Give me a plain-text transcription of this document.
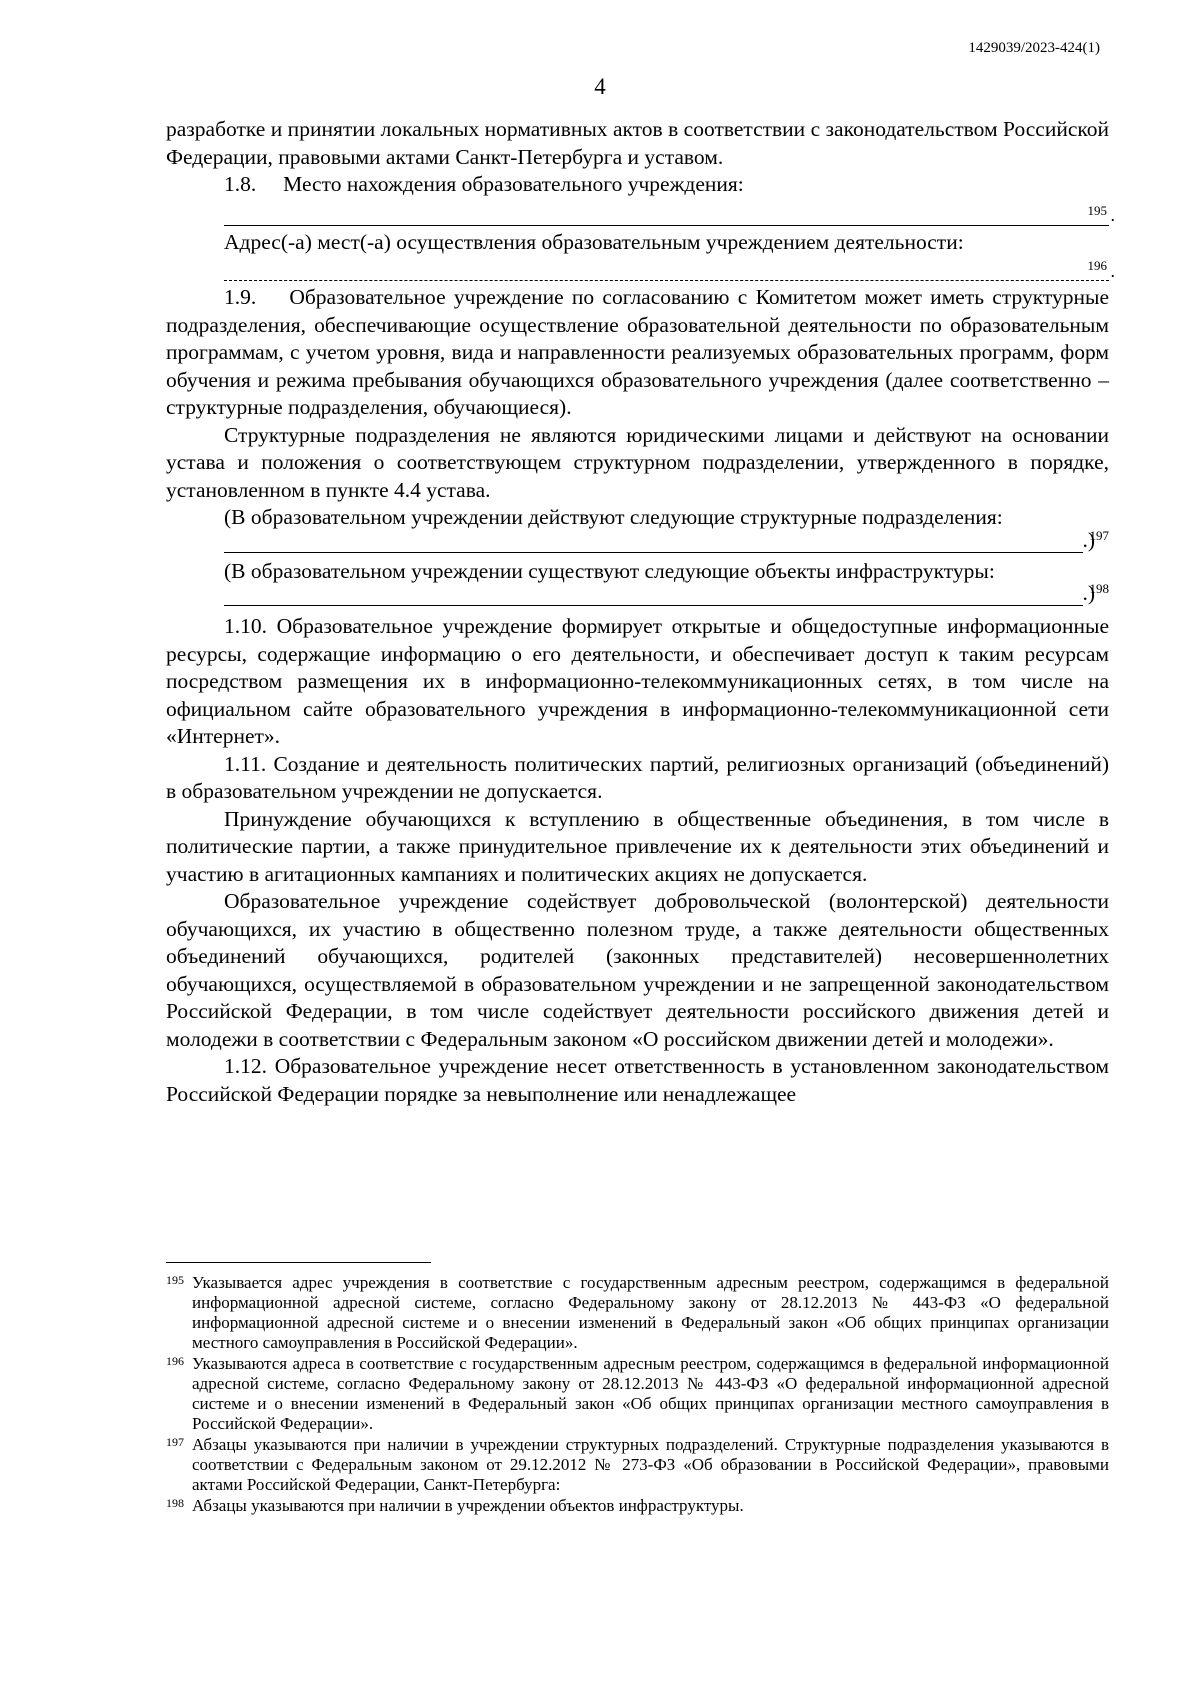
1429039/2023-424(1)
4

разработке и принятии локальных нормативных актов в соответствии с законодательством Российской Федерации, правовыми актами Санкт-Петербурга и уставом.

1.8.     Место нахождения образовательного учреждения:

195 .

Адрес(-а) мест(-а) осуществления образовательным учреждением деятельности:

196 .

1.9.    Образовательное учреждение по согласованию с Комитетом может иметь структурные подразделения, обеспечивающие осуществление образовательной деятельности по образовательным программам, с учетом уровня, вида и направленности реализуемых образовательных программ, форм обучения и режима пребывания обучающихся образовательного учреждения (далее соответственно – структурные подразделения, обучающиеся).

Структурные подразделения не являются юридическими лицами и действуют на основании устава и положения о соответствующем структурном подразделении, утвержденного в порядке, установленном в пункте 4.4 устава.

(В образовательном учреждении действуют следующие структурные подразделения:

.)
197

(В образовательном учреждении существуют следующие объекты инфраструктуры:

.)
198

1.10. Образовательное учреждение формирует открытые и общедоступные информационные ресурсы, содержащие информацию о его деятельности, и обеспечивает доступ к таким ресурсам посредством размещения их в информационно-телекоммуникационных сетях, в том числе на официальном сайте образовательного учреждения в информационно-телекоммуникационной сети «Интернет».

1.11. Создание и деятельность политических партий, религиозных организаций (объединений) в образовательном учреждении не допускается.

Принуждение обучающихся к вступлению в общественные объединения, в том числе в политические партии, а также принудительное привлечение их к деятельности этих объединений и участию в агитационных кампаниях и политических акциях не допускается.

Образовательное учреждение содействует добровольческой (волонтерской) деятельности обучающихся, их участию в общественно полезном труде, а также деятельности общественных объединений обучающихся, родителей (законных представителей) несовершеннолетних обучающихся, осуществляемой в образовательном учреждении и не запрещенной законодательством Российской Федерации, в том числе содействует деятельности российского движения детей и молодежи в соответствии с Федеральным законом «О российском движении детей и молодежи».

1.12. Образовательное учреждение несет ответственность в установленном законодательством Российской Федерации порядке за невыполнение или ненадлежащее

195 Указывается адрес учреждения в соответствие с государственным адресным реестром, содержащимся в федеральной информационной адресной системе, согласно Федеральному закону от 28.12.2013 № 443-ФЗ «О федеральной информационной адресной системе и о внесении изменений в Федеральный закон «Об общих принципах организации местного самоуправления в Российской Федерации».
196 Указываются адреса в соответствие с государственным адресным реестром, содержащимся в федеральной информационной адресной системе, согласно Федеральному закону от 28.12.2013 № 443-ФЗ «О федеральной информационной адресной системе и о внесении изменений в Федеральный закон «Об общих принципах организации местного самоуправления в Российской Федерации».
197 Абзацы указываются при наличии в учреждении структурных подразделений. Структурные подразделения указываются в соответствии с Федеральным законом от 29.12.2012 № 273-ФЗ «Об образовании в Российской Федерации», правовыми актами Российской Федерации, Санкт-Петербурга:
198 Абзацы указываются при наличии в учреждении объектов инфраструктуры.
